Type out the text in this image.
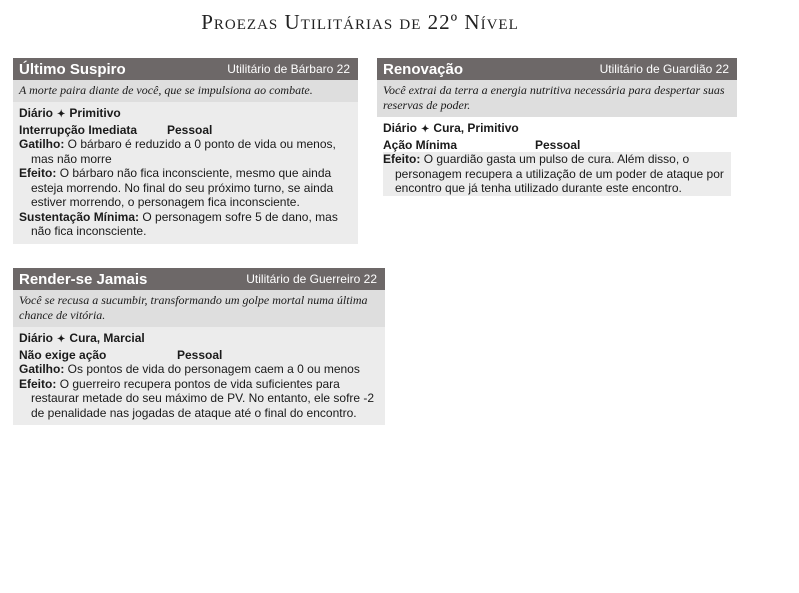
Proezas Utilitárias de 22º Nível
Último Suspiro	Utilitário de Bárbaro 22
A morte paira diante de você, que se impulsiona ao combate.
Diário ✦ Primitivo
Interrupção Imediata Pessoal
Gatilho: O bárbaro é reduzido a 0 ponto de vida ou menos, mas não morre
Efeito: O bárbaro não fica inconsciente, mesmo que ainda esteja morrendo. No final do seu próximo turno, se ainda estiver morrendo, o personagem fica inconsciente.
Sustentação Mínima: O personagem sofre 5 de dano, mas não fica inconsciente.
Renovação	Utilitário de Guardião 22
Você extrai da terra a energia nutritiva necessária para despertar suas reservas de poder.
Diário ✦ Cura, Primitivo
Ação Mínima	Pessoal
Efeito: O guardião gasta um pulso de cura. Além disso, o personagem recupera a utilização de um poder de ataque por encontro que já tenha utilizado durante este encontro.
Render-se Jamais	Utilitário de Guerreiro 22
Você se recusa a sucumbir, transformando um golpe mortal numa última chance de vitória.
Diário ✦ Cura, Marcial
Não exige ação	Pessoal
Gatilho: Os pontos de vida do personagem caem a 0 ou menos
Efeito: O guerreiro recupera pontos de vida suficientes para restaurar metade do seu máximo de PV. No entanto, ele sofre -2 de penalidade nas jogadas de ataque até o final do encontro.
